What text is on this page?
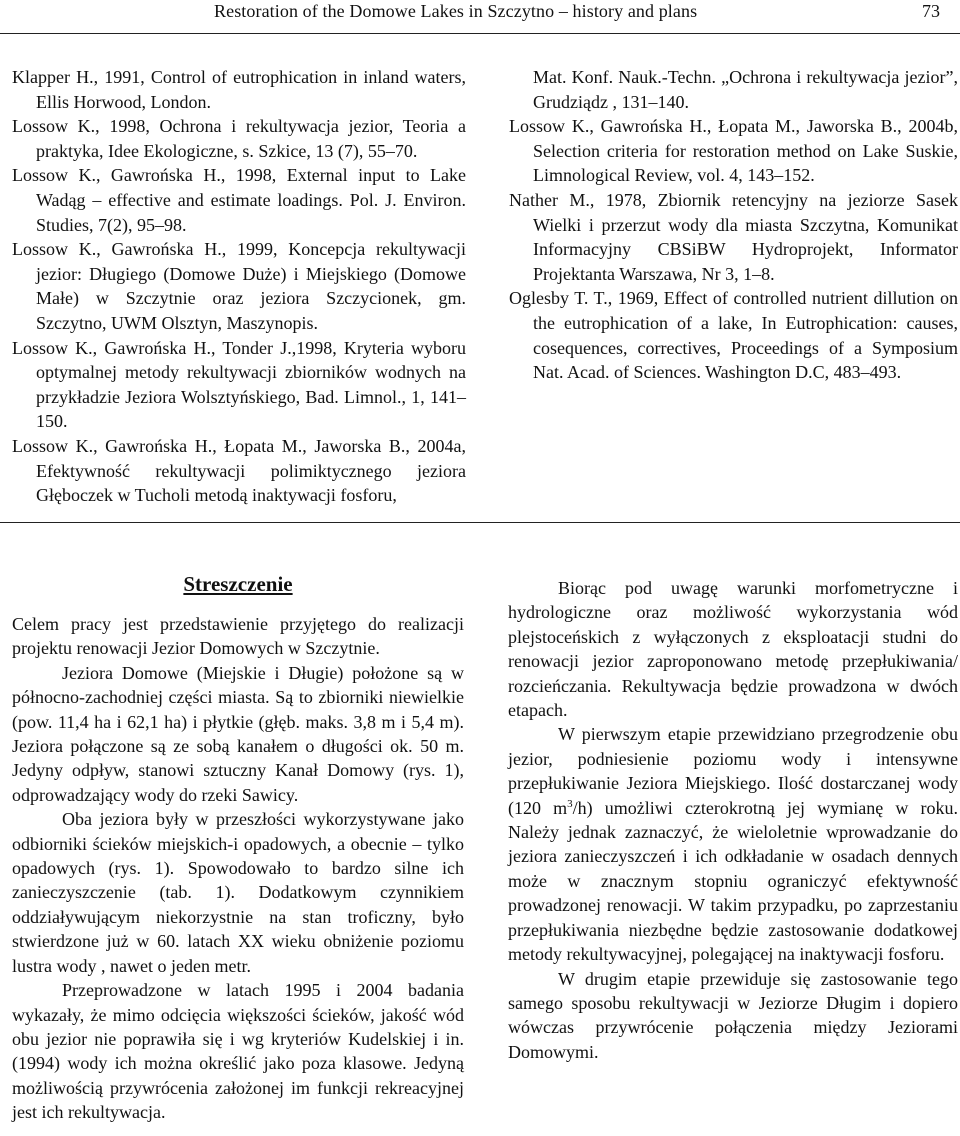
Restoration of the Domowe Lakes in Szczytno – history and plans	73

Klapper H., 1991, Control of eutrophication in inland waters, Ellis Horwood, London.

Lossow K., 1998, Ochrona i rekultywacja jezior, Teoria a praktyka, Idee Ekologiczne, s. Szkice, 13 (7), 55–70.

Lossow K., Gawrońska H., 1998, External input to Lake Wadąg – effective and estimate loadings. Pol. J. Environ. Studies, 7(2), 95–98.

Lossow K., Gawrońska H., 1999, Koncepcja rekultywacji jezior: Długiego (Domowe Duże) i Miejskiego (Domowe Małe) w Szczytnie oraz jeziora Szczycionek, gm. Szczytno, UWM Olsztyn, Maszynopis.

Lossow K., Gawrońska H., Tonder J.,1998, Kryteria wyboru optymalnej metody rekultywacji zbiorników wodnych na przykładzie Jeziora Wolsztyńskiego, Bad. Limnol., 1, 141–150.

Lossow K., Gawrońska H., Łopata M., Jaworska B., 2004a, Efektywność rekultywacji polimiktycznego jeziora Głęboczek w Tucholi metodą inaktywacji fosforu,

Mat. Konf. Nauk.-Techn. „Ochrona i rekultywacja jezior”, Grudziądz , 131–140.

Lossow K., Gawrońska H., Łopata M., Jaworska B., 2004b, Selection criteria for restoration method on Lake Suskie, Limnological Review, vol. 4, 143–152.

Nather M., 1978, Zbiornik retencyjny na jeziorze Sasek Wielki i przerzut wody dla miasta Szczytna, Komunikat Informacyjny CBSiBW Hydroprojekt, Informator Projektanta Warszawa, Nr 3, 1–8.

Oglesby T. T., 1969, Effect of controlled nutrient dillution on the eutrophication of a lake, In Eutrophication: causes, cosequences, correctives, Proceedings of a Symposium Nat. Acad. of Sciences. Washington D.C, 483–493.

Streszczenie

Celem pracy jest przedstawienie przyjętego do realizacji projektu renowacji Jezior Domowych w Szczytnie.

Jeziora Domowe (Miejskie i Długie) położone są w północno-zachodniej części miasta. Są to zbiorniki niewielkie (pow. 11,4 ha i 62,1 ha) i płytkie (głęb. maks. 3,8 m i 5,4 m). Jeziora połączone są ze sobą kanałem o długości ok. 50 m. Jedyny odpływ, stanowi sztuczny Kanał Domowy (rys. 1), odprowadzający wody do rzeki Sawicy.

Oba jeziora były w przeszłości wykorzystywane jako odbiorniki ścieków miejskich-i opadowych, a obecnie – tylko opadowych (rys. 1). Spowodowało to bardzo silne ich zanieczyszczenie (tab. 1). Dodatkowym czynnikiem oddziaływującym niekorzystnie na stan troficzny, było stwierdzone już w 60. latach XX wieku obniżenie poziomu lustra wody , nawet o jeden metr.

Przeprowadzone w latach 1995 i 2004 badania wykazały, że mimo odcięcia większości ścieków, jakość wód obu jezior nie poprawiła się i wg kryteriów Kudelskiej i in. (1994) wody ich można określić jako poza klasowe. Jedyną możliwością przywrócenia założonej im funkcji rekreacyjnej jest ich rekultywacja.

Biorąc pod uwagę warunki morfometryczne i hydrologiczne oraz możliwość wykorzystania wód plejstoceńskich z wyłączonych z eksploatacji studni do renowacji jezior zaproponowano metodę przepłukiwania/ rozcieńczania. Rekultywacja będzie prowadzona w dwóch etapach.

W pierwszym etapie przewidziano przegrodzenie obu jezior, podniesienie poziomu wody i intensywne przepłukiwanie Jeziora Miejskiego. Ilość dostarczanej wody (120 $m^3/h$) umożliwi czterokrotną jej wymianę w roku. Należy jednak zaznaczyć, że wieloletnie wprowadzanie do jeziora zanieczyszczeń i ich odkładanie w osadach dennych może w znacznym stopniu ograniczyć efektywność prowadzonej renowacji. W takim przypadku, po zaprzestaniu przepłukiwania niezbędne będzie zastosowanie dodatkowej metody rekultywacyjnej, polegającej na inaktywacji fosforu.

W drugim etapie przewiduje się zastosowanie tego samego sposobu rekultywacji w Jeziorze Długim i dopiero wówczas przywrócenie połączenia między Jeziorami Domowymi.
